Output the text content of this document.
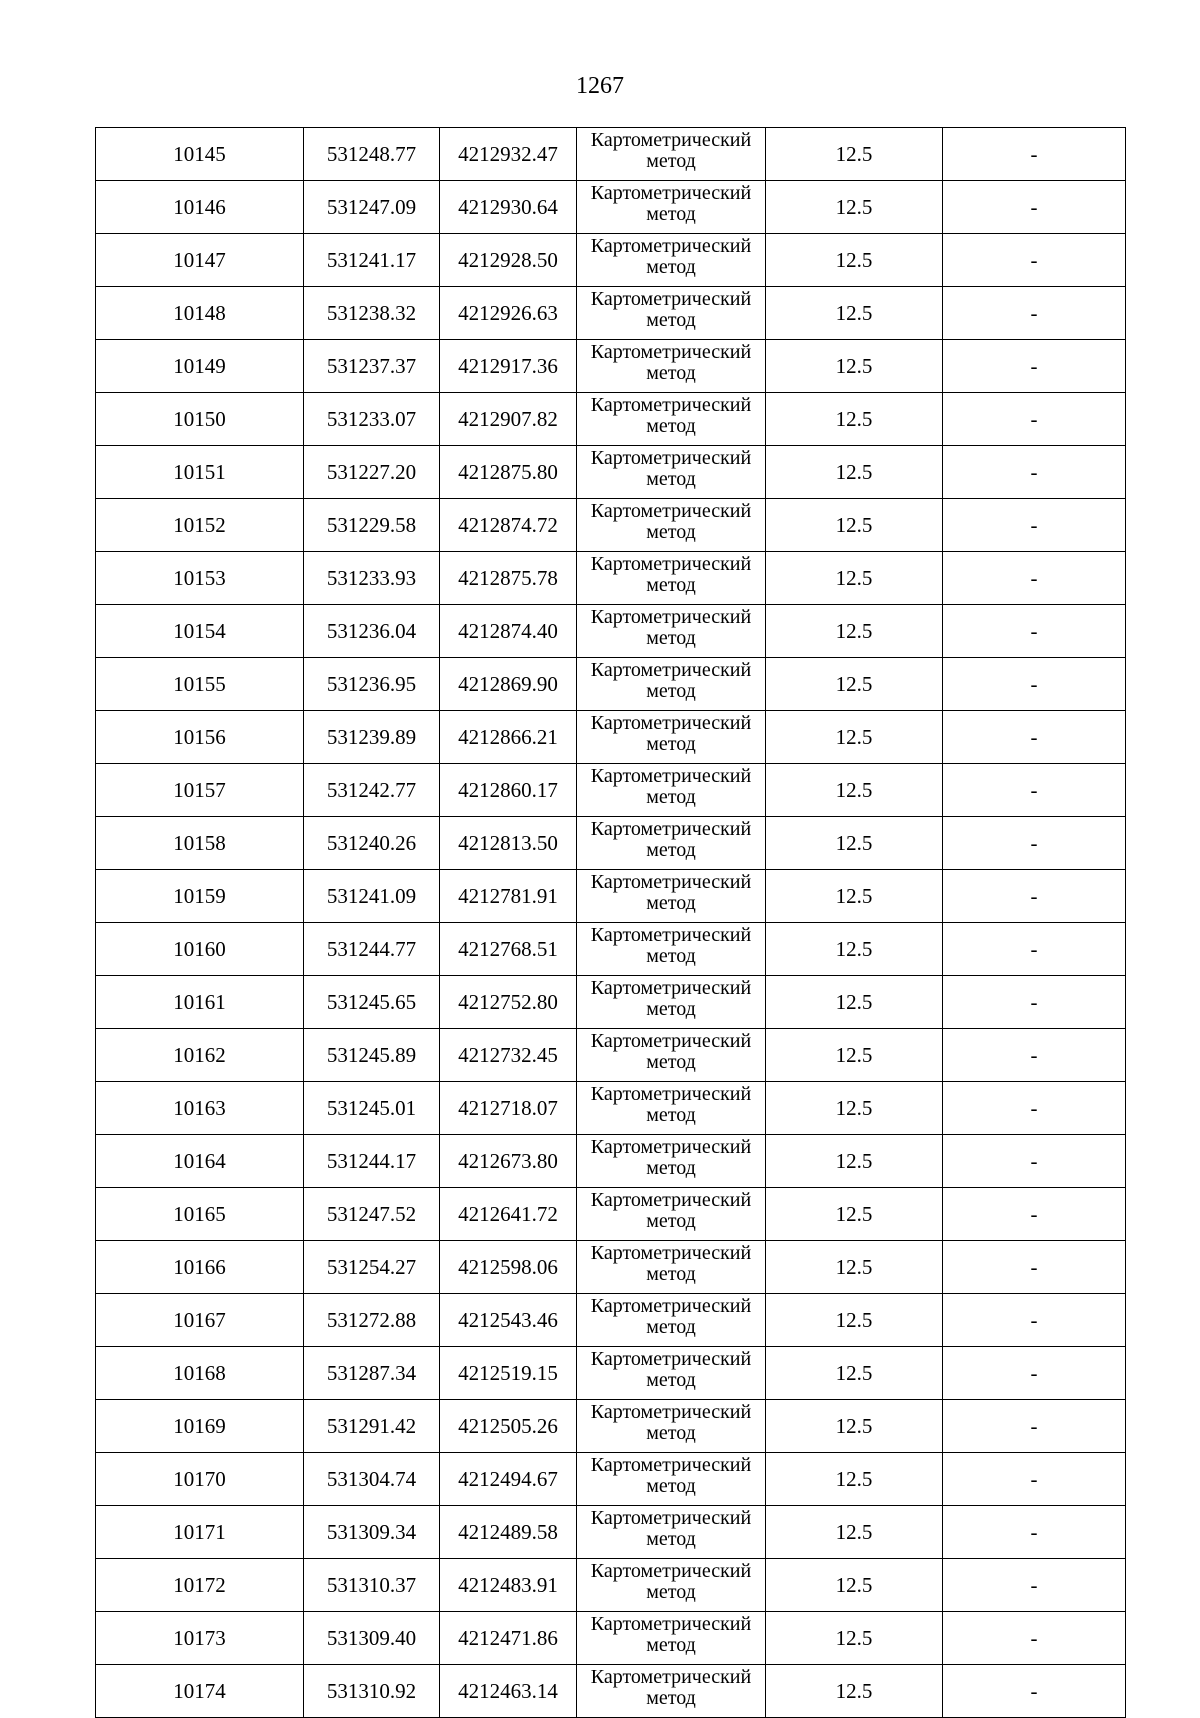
1267
10145	531248.77	4212932.47	Картометрический метод	12.5	-
10146	531247.09	4212930.64	Картометрический метод	12.5	-
10147	531241.17	4212928.50	Картометрический метод	12.5	-
10148	531238.32	4212926.63	Картометрический метод	12.5	-
10149	531237.37	4212917.36	Картометрический метод	12.5	-
10150	531233.07	4212907.82	Картометрический метод	12.5	-
10151	531227.20	4212875.80	Картометрический метод	12.5	-
10152	531229.58	4212874.72	Картометрический метод	12.5	-
10153	531233.93	4212875.78	Картометрический метод	12.5	-
10154	531236.04	4212874.40	Картометрический метод	12.5	-
10155	531236.95	4212869.90	Картометрический метод	12.5	-
10156	531239.89	4212866.21	Картометрический метод	12.5	-
10157	531242.77	4212860.17	Картометрический метод	12.5	-
10158	531240.26	4212813.50	Картометрический метод	12.5	-
10159	531241.09	4212781.91	Картометрический метод	12.5	-
10160	531244.77	4212768.51	Картометрический метод	12.5	-
10161	531245.65	4212752.80	Картометрический метод	12.5	-
10162	531245.89	4212732.45	Картометрический метод	12.5	-
10163	531245.01	4212718.07	Картометрический метод	12.5	-
10164	531244.17	4212673.80	Картометрический метод	12.5	-
10165	531247.52	4212641.72	Картометрический метод	12.5	-
10166	531254.27	4212598.06	Картометрический метод	12.5	-
10167	531272.88	4212543.46	Картометрический метод	12.5	-
10168	531287.34	4212519.15	Картометрический метод	12.5	-
10169	531291.42	4212505.26	Картометрический метод	12.5	-
10170	531304.74	4212494.67	Картометрический метод	12.5	-
10171	531309.34	4212489.58	Картометрический метод	12.5	-
10172	531310.37	4212483.91	Картометрический метод	12.5	-
10173	531309.40	4212471.86	Картометрический метод	12.5	-
10174	531310.92	4212463.14	Картометрический метод	12.5	-
